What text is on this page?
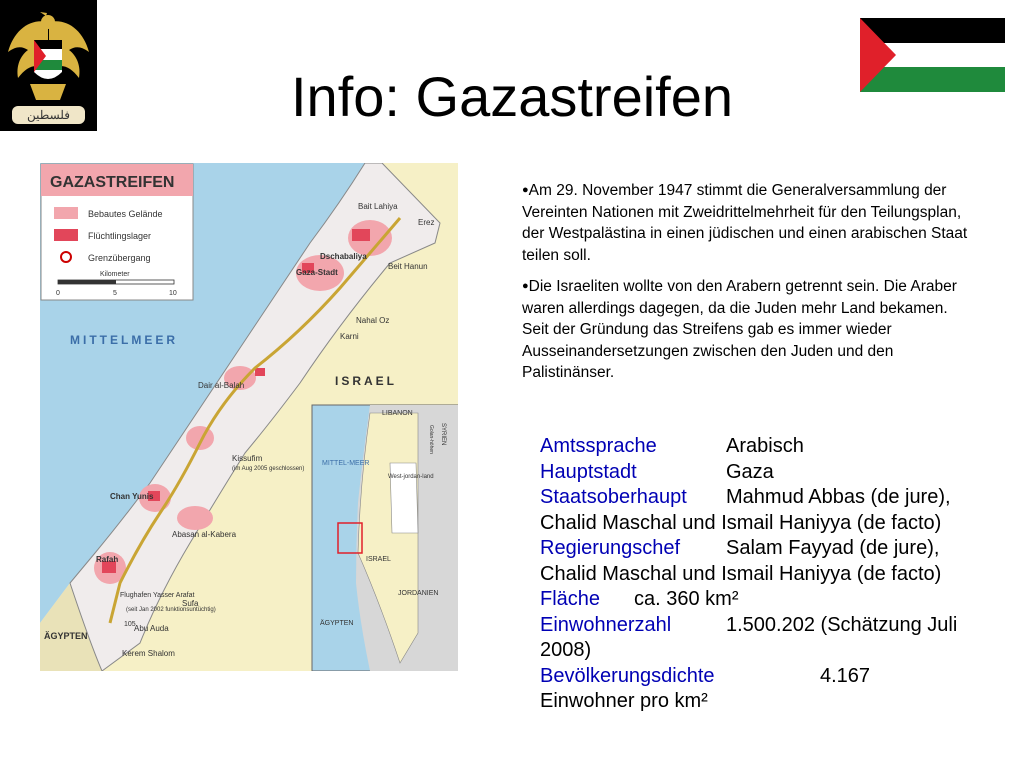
فلسطين	Info: Gazastreifen
GAZASTREIFEN
Bebautes Gelände
Flüchtlingslager
Grenzübergang
Kilometer
0	5	10
MITTELMEER
ISRAEL
ÄGYPTEN
Bait Lahiya
Erez
Dschabaliya
Beit Hanun
Gaza-Stadt
Nahal Oz
Karni
Dair al-Balah
Kissufim
(im Aug 2005 geschlossen)
Chan Yunis
Abasan al-Kabera
Rafah
Flughafen Yasser Arafat
(seit Jan 2002 funktionsuntüchtig)
Sufa
Abu Auda
Kerem Shalom
105
LIBANON
SYRIEN
Golan-höhen
MITTEL-MEER
West-jordan-land
ISRAEL
JORDANIEN
ÄGYPTEN

●Am 29. November 1947 stimmt die Generalversammlung der Vereinten Nationen mit Zweidrittelmehrheit für den Teilungsplan, der Westpalästina in einen jüdischen und einen arabischen Staat teilen soll.

●Die Israeliten wollte von den Arabern getrennt sein. Die Araber waren allerdings dagegen, da die Juden mehr Land bekamen. Seit der Gründung das Streifens gab es immer wieder Ausseinandersetzungen zwischen den Juden und den Palistinänser.

Amtssprache	Arabisch
Hauptstadt	Gaza
Staatsoberhaupt Mahmud Abbas (de jure), Chalid Maschal und Ismail Haniyya (de facto)
Regierungschef Salam Fayyad (de jure), Chalid Maschal und Ismail Haniyya (de facto)
Fläche ca. 360 km²
Einwohnerzahl	1.500.202 (Schätzung Juli 2008)
Bevölkerungsdichte	4.167 Einwohner pro km²
